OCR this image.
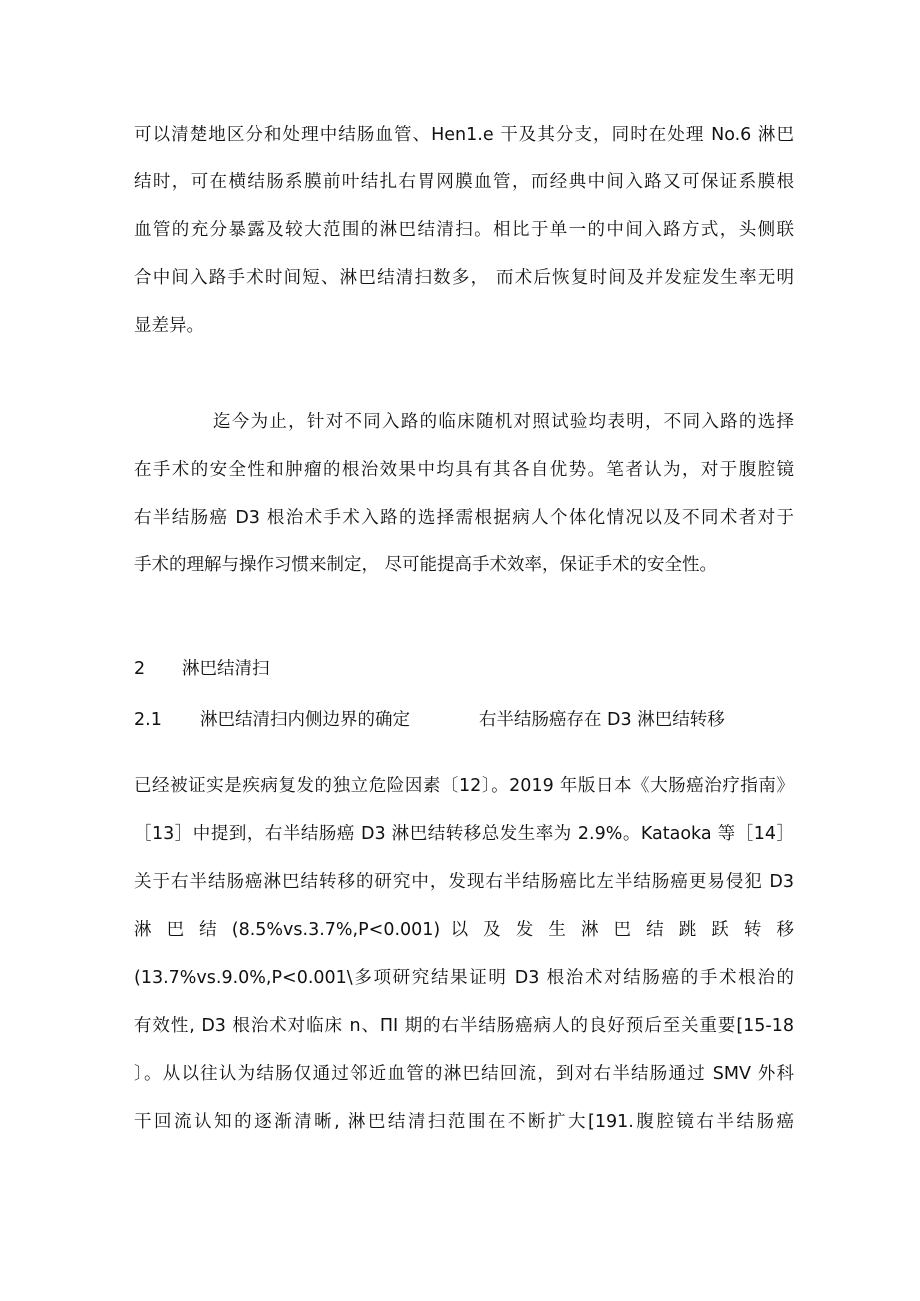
可以清楚地区分和处理中结肠血管、Hen1.e 干及其分支，同时在处理 No.6 淋巴
结时，可在横结肠系膜前叶结扎右胃网膜血管，而经典中间入路又可保证系膜根
血管的充分暴露及较大范围的淋巴结清扫。相比于单一的中间入路方式，头侧联
合中间入路手术时间短、淋巴结清扫数多， 而术后恢复时间及并发症发生率无明
显差异。
迄今为止，针对不同入路的临床随机对照试验均表明，不同入路的选择
在手术的安全性和肿瘤的根治效果中均具有其各自优势。笔者认为，对于腹腔镜
右半结肠癌 D3 根治术手术入路的选择需根据病人个体化情况以及不同术者对于
手术的理解与操作习惯来制定， 尽可能提高手术效率，保证手术的安全性。
2 淋巴结清扫
2.1 淋巴结清扫内侧边界的确定	右半结肠癌存在 D3 淋巴结转移
已经被证实是疾病复发的独立危险因素〔12〕。2019 年版日本《大肠癌治疗指南》
［13］中提到，右半结肠癌 D3 淋巴结转移总发生率为 2.9%。Kataoka 等［14］
关于右半结肠癌淋巴结转移的研究中，发现右半结肠癌比左半结肠癌更易侵犯 D3
淋 巴 结 (8.5%vs.3.7%,P<0.001) 以 及 发 生 淋 巴 结 跳 跃 转 移
(13.7%vs.9.0%,P<0.001\多项研究结果证明 D3 根治术对结肠癌的手术根治的
有效性, D3 根治术对临床 n、ΠI 期的右半结肠癌病人的良好预后至关重要[15-18
〕。从以往认为结肠仅通过邻近血管的淋巴结回流，到对右半结肠通过 SMV 外科
干回流认知的逐渐清晰, 淋巴结清扫范围在不断扩大[191.腹腔镜右半结肠癌
